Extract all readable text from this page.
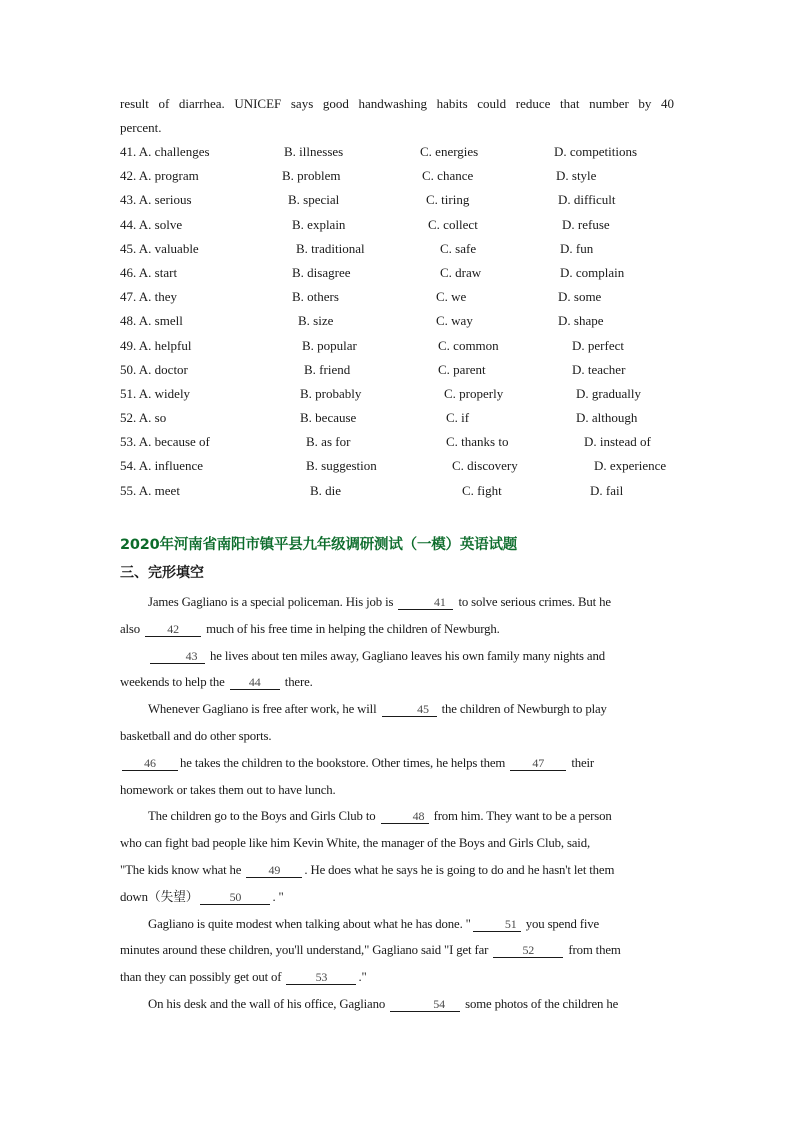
result of diarrhea. UNICEF says good handwashing habits could reduce that number by 40

percent.

41. A. challenges	B. illnesses	C. energies	D. competitions
42. A. program	B. problem	C. chance	D. style
43. A. serious	B. special	C. tiring	D. difficult
44. A. solve	B. explain	C. collect	D. refuse
45. A. valuable	B. traditional	C. safe	D. fun
46. A. start	B. disagree	C. draw	D. complain
47. A. they	B. others	C. we	D. some
48. A. smell	B. size	C. way	D. shape
49. A. helpful	B. popular	C. common	D. perfect
50. A. doctor	B. friend	C. parent	D. teacher
51. A. widely	B. probably	C. properly	D. gradually
52. A. so	B. because	C. if	D. although
53. A. because of	B. as for	C. thanks to	D. instead of
54. A. influence	B. suggestion	C. discovery	D. experience
55. A. meet	B. die	C. fight	D. fail
2020年河南省南阳市镇平县九年级调研测试（一模）英语试题
三、完形填空

James Gagliano is a special policeman. His job is	41 to solve serious crimes. But he

also 42 much of his free time in helping the children of Newburgh.

43 he lives about ten miles away, Gagliano leaves his own family many nights and

weekends to help the 44 there.

Whenever Gagliano is free after work, he will	45 the children of Newburgh to play

basketball and do other sports.

46 he takes the children to the bookstore. Other times, he helps them 47 their

homework or takes them out to have lunch.

The children go to the Boys and Girls Club to	48 from him. They want to be a person

who can fight bad people like him Kevin White, the manager of the Boys and Girls Club, said,

"The kids know what he 49 . He does what he says he is going to do and he hasn't let them

down（失望）	50 . "

Gagliano is quite modest when talking about what he has done. "	51 you spend five

minutes around these children, you'll understand," Gagliano said "I get far	52 from them

than they can possibly get out of	53 ."

On his desk and the wall of his office, Gagliano	54 some photos of the children he
